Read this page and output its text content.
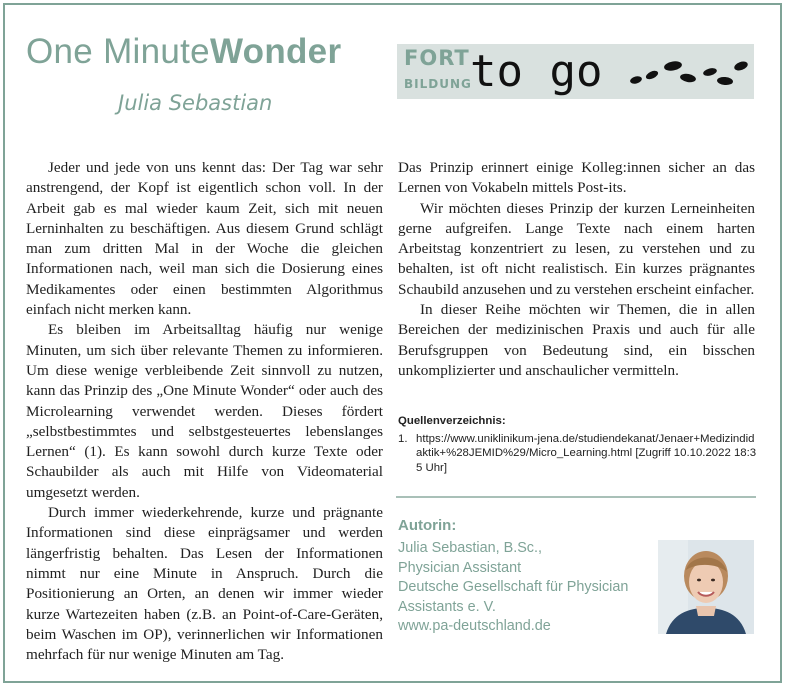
One MinuteWonder
Julia Sebastian
FORT
BILDUNG
to go

Jeder und jede von uns kennt das: Der Tag war sehr anstrengend, der Kopf ist eigentlich schon voll. In der Arbeit gab es mal wieder kaum Zeit, sich mit neuen Lerninhalten zu beschäftigen. Aus diesem Grund schlägt man zum dritten Mal in der Woche die gleichen Informationen nach, weil man sich die Dosierung eines Medikamentes oder einen bestimmten Algorithmus einfach nicht merken kann.

Es bleiben im Arbeitsalltag häufig nur wenige Minuten, um sich über relevante Themen zu informieren. Um diese wenige verbleibende Zeit sinnvoll zu nutzen, kann das Prinzip des „One Minute Wonder“ oder auch des Microlearning verwendet werden. Dieses fördert „selbstbestimmtes und selbstgesteuertes lebenslanges Lernen“ (1). Es kann sowohl durch kurze Texte oder Schaubilder als auch mit Hilfe von Videomaterial umgesetzt werden.

Durch immer wiederkehrende, kurze und prägnante Informationen sind diese einprägsamer und werden längerfristig behalten. Das Lesen der Informationen nimmt nur eine Minute in Anspruch. Durch die Positionierung an Orten, an denen wir immer wieder kurze Wartezeiten haben (z.B. an Point-of-Care-Geräten, beim Waschen im OP), verinnerlichen wir Informationen mehrfach für nur wenige Minuten am Tag.

Das Prinzip erinnert einige Kolleg:innen sicher an das Lernen von Vokabeln mittels Post-its.

Wir möchten dieses Prinzip der kurzen Lerneinheiten gerne aufgreifen. Lange Texte nach einem harten Arbeitstag konzentriert zu lesen, zu verstehen und zu behalten, ist oft nicht realistisch. Ein kurzes prägnantes Schaubild anzusehen und zu verstehen erscheint einfacher.

In dieser Reihe möchten wir Themen, die in allen Bereichen der medizinischen Praxis und auch für alle Berufsgruppen von Bedeutung sind, ein bisschen unkomplizierter und anschaulicher vermitteln.

Quellenverzeichnis:
1. https://www.uniklinikum-jena.de/studiendekanat/Jenaer+Medizindidaktik+%28JEMID%29/Micro_Learning.html [Zugriff 10.10.2022 18:35 Uhr]
Autorin:
Julia Sebastian, B.Sc.,
Physician Assistant
Deutsche Gesellschaft für Physician
Assistants e. V.
www.pa-deutschland.de
